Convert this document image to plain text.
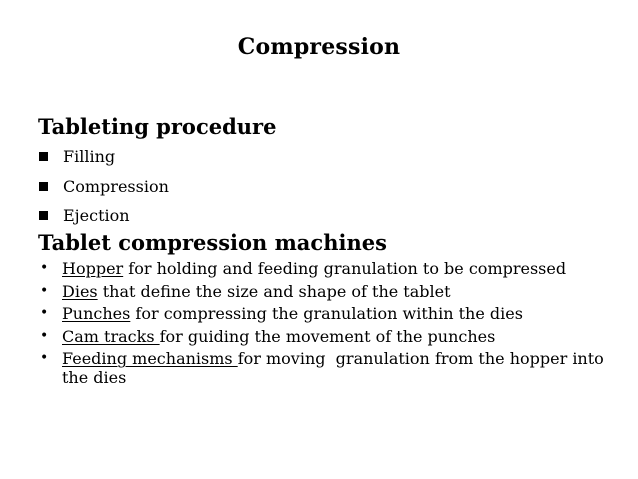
Compression
Tableting procedure
Filling
Compression
Ejection
Tablet compression machines
• Hopper for holding and feeding granulation to be compressed
• Dies that define the size and shape of the tablet
• Punches for compressing the granulation within the dies
• Cam tracks for guiding the movement of the punches
• Feeding mechanisms for moving  granulation from the hopper into the dies
